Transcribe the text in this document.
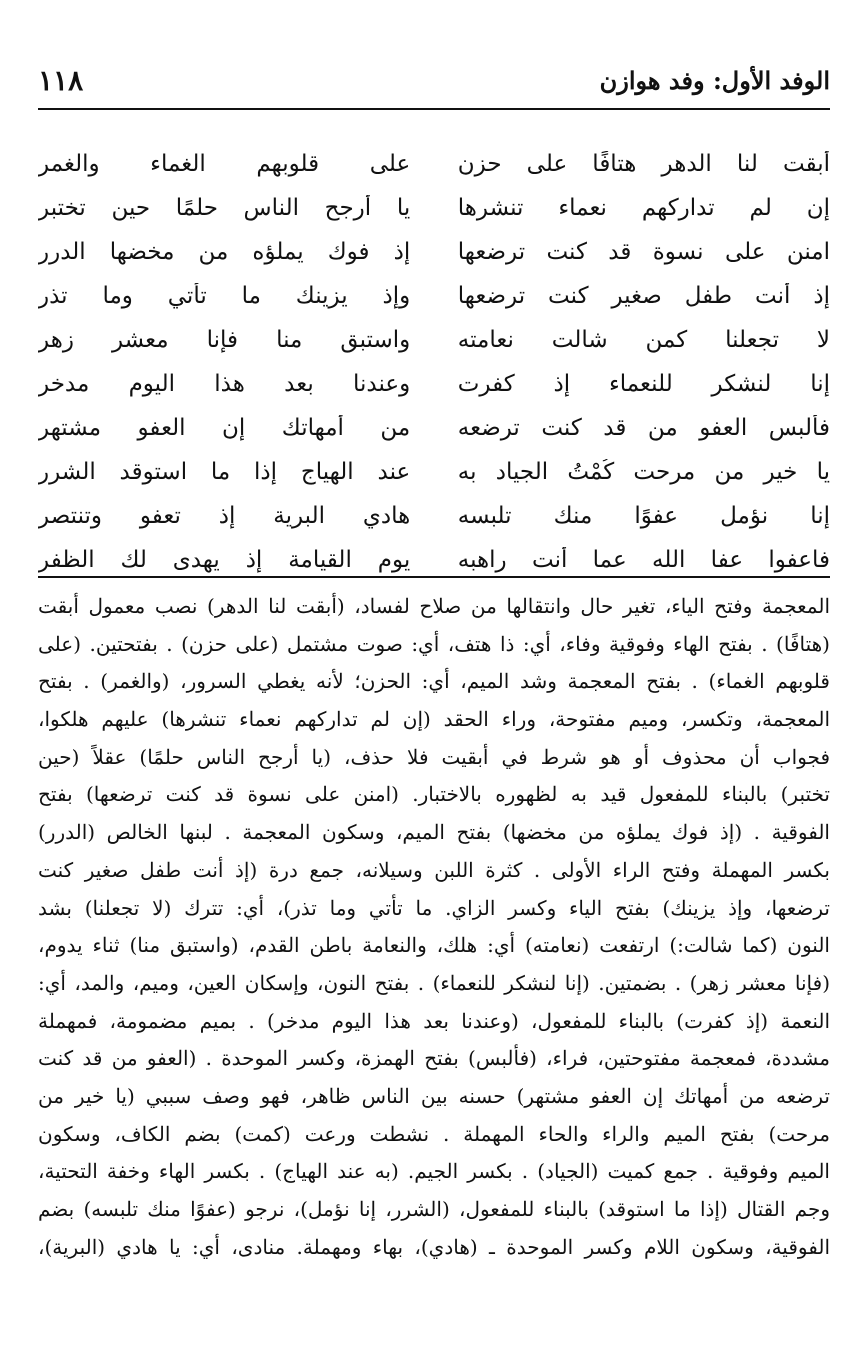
الوفد الأول: وفد هوازن
١١٨
أبقت لنا الدهر هتافًا على حزن
على قلوبهم الغماء والغمر
إن لم تداركهم نعماء تنشرها
يا أرجح الناس حلمًا حين تختبر
امنن على نسوة قد كنت ترضعها
إذ فوك يملؤه من مخضها الدرر
إذ أنت طفل صغير كنت ترضعها
وإذ يزينك ما تأتي وما تذر
لا تجعلنا كمن شالت نعامته
واستبق منا فإنا معشر زهر
إنا لنشكر للنعماء إذ كفرت
وعندنا بعد هذا اليوم مدخر
فألبس العفو من قد كنت ترضعه
من أمهاتك إن العفو مشتهر
يا خير من مرحت كُمْتُ الجياد به
عند الهياج إذا ما استوقد الشرر
إنا نؤمل عفوًا منك تلبسه
هادي البرية إذ تعفو وتنتصر
فاعفوا عفا الله عما أنت راهبه
يوم القيامة إذ يهدى لك الظفر
المعجمة وفتح الياء، تغير حال وانتقالها من صلاح لفساد، (أبقت لنا الدهر) نصب معمول أبقت
(هتافًا) . بفتح الهاء وفوقية وفاء، أي: ذا هتف، أي: صوت مشتمل (على حزن) . بفتحتين. (على
قلوبهم الغماء) . بفتح المعجمة وشد الميم، أي: الحزن؛ لأنه يغطي السرور، (والغمر) . بفتح
المعجمة، وتكسر، وميم مفتوحة، وراء الحقد (إن لم تداركهم نعماء تنشرها) عليهم هلكوا،
فجواب أن محذوف أو هو شرط في أبقيت فلا حذف، (يا أرجح الناس حلمًا) عقلاً (حين
تختبر) بالبناء للمفعول قيد به لظهوره بالاختبار. (امنن على نسوة قد كنت ترضعها) بفتح
الفوقية . (إذ فوك يملؤه من مخضها) بفتح الميم، وسكون المعجمة . لبنها الخالص (الدرر)
بكسر المهملة وفتح الراء الأولى . كثرة اللبن وسيلانه، جمع درة (إذ أنت طفل صغير كنت
ترضعها، وإذ يزينك) بفتح الياء وكسر الزاي. ما تأتي وما تذر)، أي: تترك (لا تجعلنا) بشد
النون (كما شالت:) ارتفعت (نعامته) أي: هلك، والنعامة باطن القدم، (واستبق منا) ثناء يدوم،
(فإنا معشر زهر) . بضمتين. (إنا لنشكر للنعماء) . بفتح النون، وإسكان العين، وميم، والمد، أي:
النعمة (إذ كفرت) بالبناء للمفعول، (وعندنا بعد هذا اليوم مدخر) . بميم مضمومة، فمهملة
مشددة، فمعجمة مفتوحتين، فراء، (فألبس) بفتح الهمزة، وكسر الموحدة . (العفو من قد كنت
ترضعه من أمهاتك إن العفو مشتهر) حسنه بين الناس ظاهر، فهو وصف سببي (يا خير من
مرحت) بفتح الميم والراء والحاء المهملة . نشطت ورعت (كمت) بضم الكاف، وسكون
الميم وفوقية . جمع كميت (الجياد) . بكسر الجيم. (به عند الهياج) . بكسر الهاء وخفة التحتية،
وجم القتال (إذا ما استوقد) بالبناء للمفعول، (الشرر، إنا نؤمل)، نرجو (عفوًا منك تلبسه) بضم
الفوقية، وسكون اللام وكسر الموحدة ـ (هادي)، بهاء ومهملة. منادى، أي: يا هادي (البرية)،
